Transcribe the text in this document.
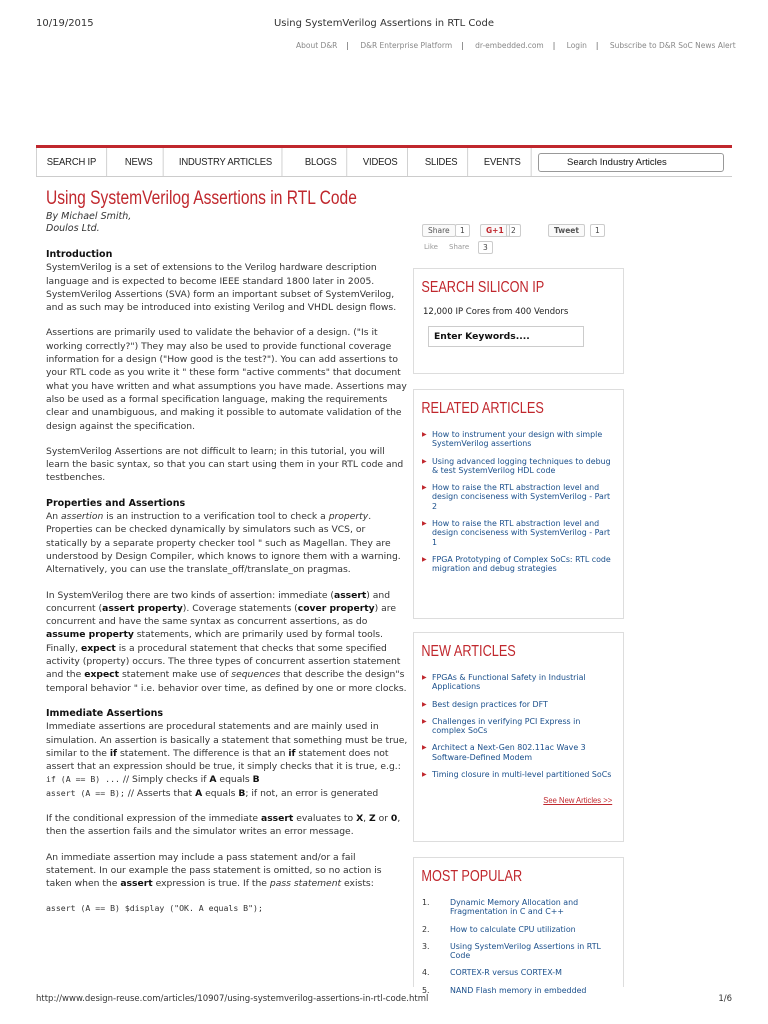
10/19/2015	Using SystemVerilog Assertions in RTL Code
About D&R | D&R Enterprise Platform | dr-embedded.com | Login | Subscribe to D&R SoC News Alert
SEARCH IP	NEWS	INDUSTRY ARTICLES	BLOGS	VIDEOS	SLIDES	EVENTS	Search Industry Articles
Using SystemVerilog Assertions in RTL Code
By Michael Smith,
Doulos Ltd.	Share	1	G+1 2	Tweet	1
Like Share	3
SEARCH SILICON IP
12,000 IP Cores from 400 Vendors
Enter Keywords....
RELATED ARTICLES
▶ How to instrument your design with simple SystemVerilog assertions
▶ Using advanced logging techniques to debug & test SystemVerilog HDL code
▶ How to raise the RTL abstraction level and design conciseness with SystemVerilog - Part 2
▶ How to raise the RTL abstraction level and design conciseness with SystemVerilog - Part 1
▶ FPGA Prototyping of Complex SoCs: RTL code migration and debug strategies
NEW ARTICLES
▶ FPGAs & Functional Safety in Industrial Applications
▶ Best design practices for DFT
▶ Challenges in verifying PCI Express in complex SoCs
▶ Architect a Next-Gen 802.11ac Wave 3 Software-Defined Modem
▶ Timing closure in multi-level partitioned SoCs
See New Articles >>
MOST POPULAR
1. Dynamic Memory Allocation and Fragmentation in C and C++
2. How to calculate CPU utilization
3. Using SystemVerilog Assertions in RTL Code
4. CORTEX-R versus CORTEX-M
5. NAND Flash memory in embedded
Introduction

SystemVerilog is a set of extensions to the Verilog hardware description language and is expected to become IEEE standard 1800 later in 2005. SystemVerilog Assertions (SVA) form an important subset of SystemVerilog, and as such may be introduced into existing Verilog and VHDL design flows.

Assertions are primarily used to validate the behavior of a design. ("Is it working correctly?") They may also be used to provide functional coverage information for a design ("How good is the test?"). You can add assertions to your RTL code as you write it " these form "active comments" that document what you have written and what assumptions you have made. Assertions may also be used as a formal specification language, making the requirements clear and unambiguous, and making it possible to automate validation of the design against the specification.

SystemVerilog Assertions are not difficult to learn; in this tutorial, you will learn the basic syntax, so that you can start using them in your RTL code and testbenches.

Properties and Assertions

An assertion is an instruction to a verification tool to check a property. Properties can be checked dynamically by simulators such as VCS, or statically by a separate property checker tool " such as Magellan. They are understood by Design Compiler, which knows to ignore them with a warning. Alternatively, you can use the translate_off/translate_on pragmas.

In SystemVerilog there are two kinds of assertion: immediate (assert) and concurrent (assert property). Coverage statements (cover property) are concurrent and have the same syntax as concurrent assertions, as do assume property statements, which are primarily used by formal tools. Finally, expect is a procedural statement that checks that some specified activity (property) occurs. The three types of concurrent assertion statement and the expect statement make use of sequences that describe the design"s temporal behavior " i.e. behavior over time, as defined by one or more clocks.

Immediate Assertions

Immediate assertions are procedural statements and are mainly used in simulation. An assertion is basically a statement that something must be true, similar to the if statement. The difference is that an if statement does not assert that an expression should be true, it simply checks that it is true, e.g.:

if (A == B) ... // Simply checks if A equals B
assert (A == B); // Asserts that A equals B; if not, an error is generated

If the conditional expression of the immediate assert evaluates to X, Z or 0, then the assertion fails and the simulator writes an error message.

An immediate assertion may include a pass statement and/or a fail statement. In our example the pass statement is omitted, so no action is taken when the assert expression is true. If the pass statement exists:

assert (A == B) $display ("OK. A equals B");
http://www.design-reuse.com/articles/10907/using-systemverilog-assertions-in-rtl-code.html	1/6
